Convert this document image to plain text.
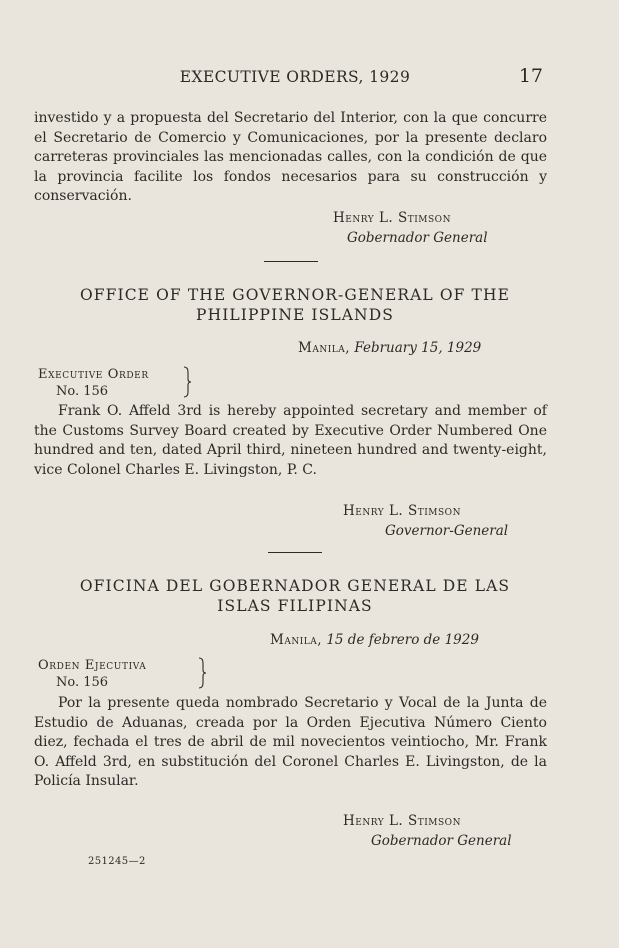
EXECUTIVE ORDERS, 1929	17
investido y a propuesta del Secretario del Interior, con la que concurre el Secretario de Comercio y Comunicaciones, por la presente declaro carreteras provinciales las mencionadas calles, con la condición de que la provincia facilite los fondos necesarios para su construcción y conservación.
Henry L. Stimson
Gobernador General
OFFICE OF THE GOVERNOR-GENERAL OF THE
PHILIPPINE ISLANDS
Manila, February 15, 1929
Executive Order
No. 156
Frank O. Affeld 3rd is hereby appointed secretary and member of the Customs Survey Board created by Executive Order Numbered One hundred and ten, dated April third, nineteen hundred and twenty-eight, vice Colonel Charles E. Livingston, P. C.
Henry L. Stimson
Governor-General
OFICINA DEL GOBERNADOR GENERAL DE LAS
ISLAS FILIPINAS
Manila, 15 de febrero de 1929
Orden Ejecutiva
No. 156
Por la presente queda nombrado Secretario y Vocal de la Junta de Estudio de Aduanas, creada por la Orden Ejecutiva Número Ciento diez, fechada el tres de abril de mil novecientos veintiocho, Mr. Frank O. Affeld 3rd, en substitución del Coronel Charles E. Livingston, de la Policía Insular.
Henry L. Stimson
Gobernador General
251245—2
